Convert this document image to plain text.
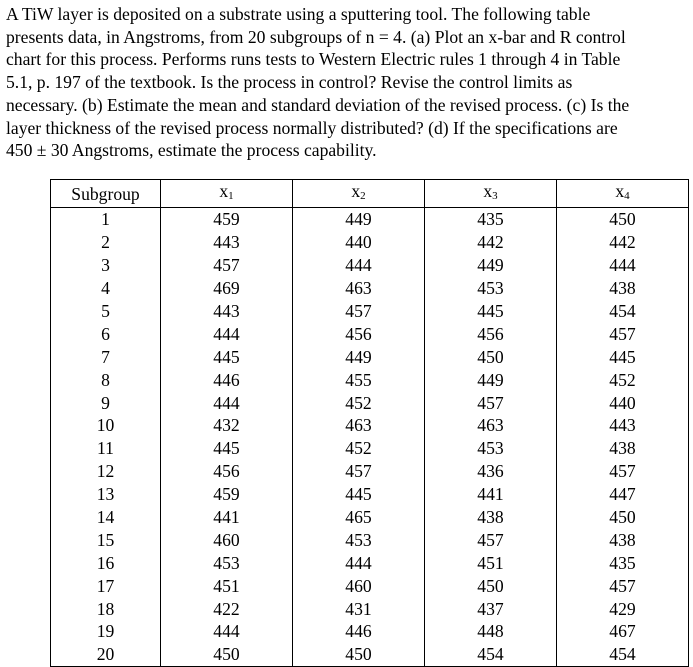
A TiW layer is deposited on a substrate using a sputtering tool. The following table
presents data, in Angstroms, from 20 subgroups of n = 4. (a) Plot an x-bar and R control
chart for this process. Performs runs tests to Western Electric rules 1 through 4 in Table
5.1, p. 197 of the textbook. Is the process in control? Revise the control limits as
necessary. (b) Estimate the mean and standard deviation of the revised process. (c) Is the
layer thickness of the revised process normally distributed? (d) If the specifications are
450 ± 30 Angstroms, estimate the process capability.

Subgroup	x1	x2	x3	x4
1	459	449	435	450
2	443	440	442	442
3	457	444	449	444
4	469	463	453	438
5	443	457	445	454
6	444	456	456	457
7	445	449	450	445
8	446	455	449	452
9	444	452	457	440
10	432	463	463	443
11	445	452	453	438
12	456	457	436	457
13	459	445	441	447
14	441	465	438	450
15	460	453	457	438
16	453	444	451	435
17	451	460	450	457
18	422	431	437	429
19	444	446	448	467
20	450	450	454	454
